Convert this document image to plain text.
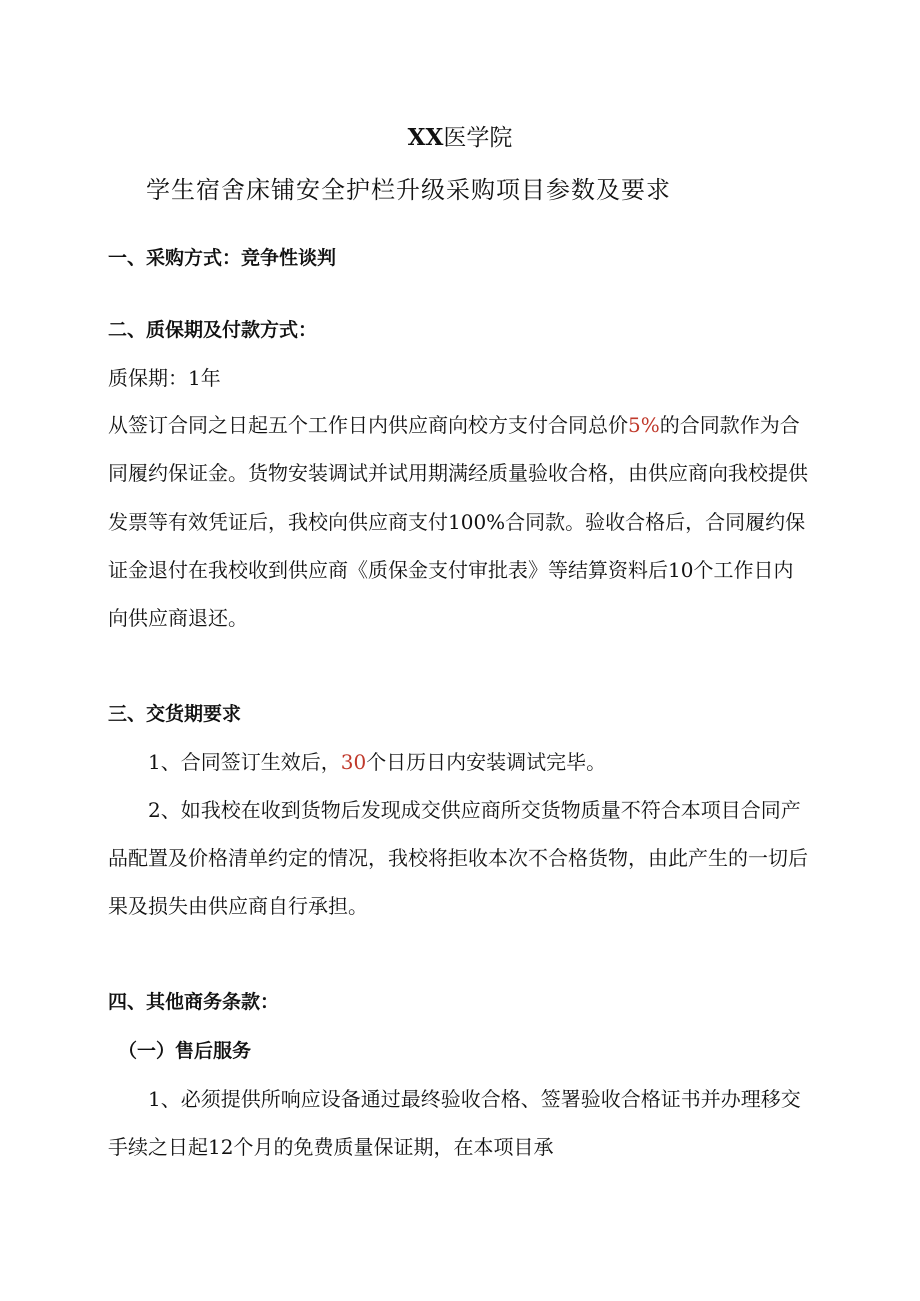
XX医学院
学生宿舍床铺安全护栏升级采购项目参数及要求
一、采购方式：竞争性谈判
二、质保期及付款方式：
质保期：1年
从签订合同之日起五个工作日内供应商向校方支付合同总价5%的合同款作为合
同履约保证金。货物安装调试并试用期满经质量验收合格，由供应商向我校提供
发票等有效凭证后，我校向供应商支付100%合同款。验收合格后，合同履约保
证金退付在我校收到供应商《质保金支付审批表》等结算资料后10个工作日内
向供应商退还。
三、交货期要求
1、合同签订生效后，30个日历日内安装调试完毕。
2、如我校在收到货物后发现成交供应商所交货物质量不符合本项目合同产
品配置及价格清单约定的情况，我校将拒收本次不合格货物，由此产生的一切后
果及损失由供应商自行承担。
四、其他商务条款：
（一）售后服务
1、必须提供所响应设备通过最终验收合格、签署验收合格证书并办理移交
手续之日起12个月的免费质量保证期，在本项目承
